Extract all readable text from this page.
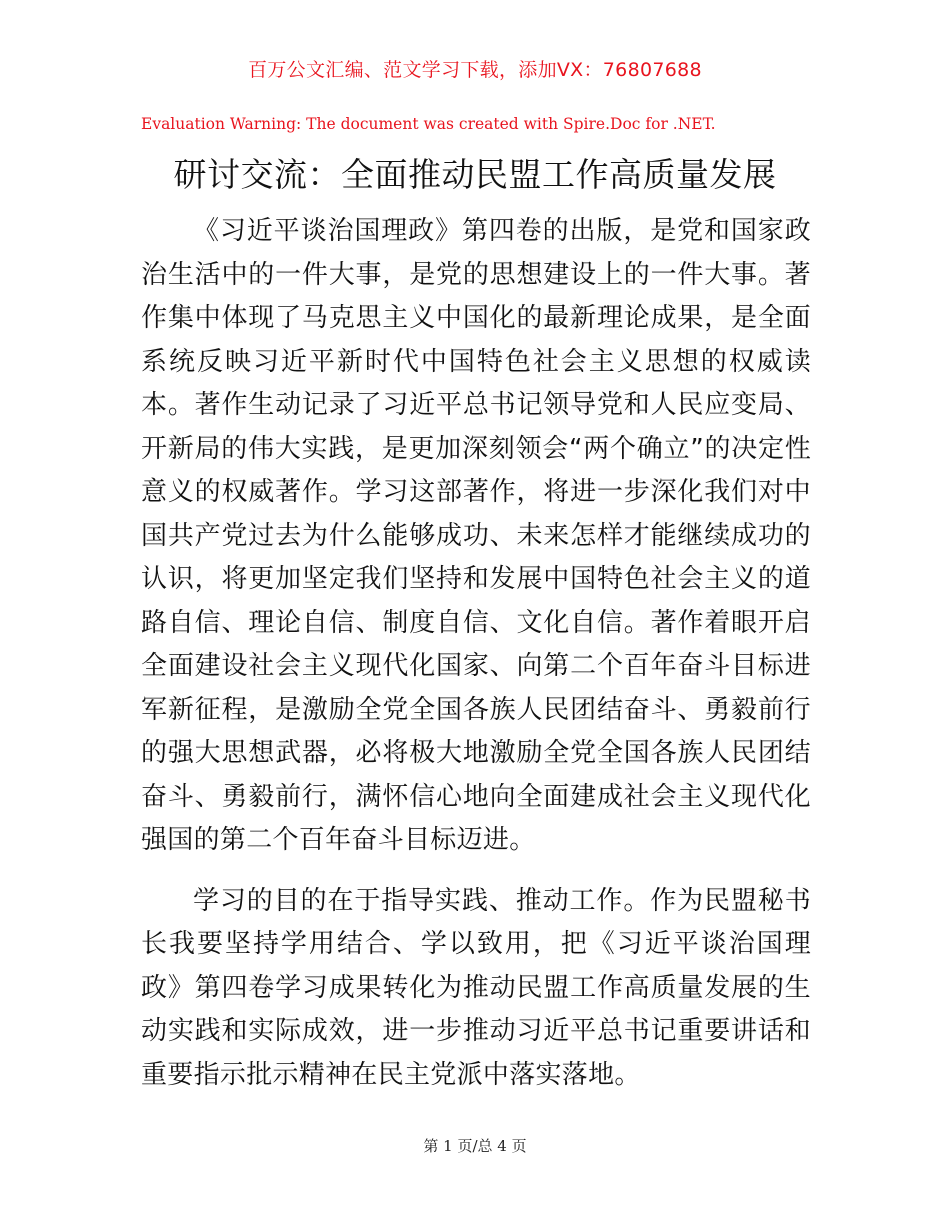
百万公文汇编、范文学习下载，添加VX：76807688
Evaluation Warning: The document was created with Spire.Doc for .NET.
研讨交流：全面推动民盟工作高质量发展

《习近平谈治国理政》第四卷的出版，是党和国家政治生活中的一件大事，是党的思想建设上的一件大事。著作集中体现了马克思主义中国化的最新理论成果，是全面系统反映习近平新时代中国特色社会主义思想的权威读本。著作生动记录了习近平总书记领导党和人民应变局、开新局的伟大实践，是更加深刻领会“两个确立”的决定性意义的权威著作。学习这部著作，将进一步深化我们对中国共产党过去为什么能够成功、未来怎样才能继续成功的认识，将更加坚定我们坚持和发展中国特色社会主义的道路自信、理论自信、制度自信、文化自信。著作着眼开启全面建设社会主义现代化国家、向第二个百年奋斗目标进军新征程，是激励全党全国各族人民团结奋斗、勇毅前行的强大思想武器，必将极大地激励全党全国各族人民团结奋斗、勇毅前行，满怀信心地向全面建成社会主义现代化强国的第二个百年奋斗目标迈进。

学习的目的在于指导实践、推动工作。作为民盟秘书长我要坚持学用结合、学以致用，把《习近平谈治国理政》第四卷学习成果转化为推动民盟工作高质量发展的生动实践和实际成效，进一步推动习近平总书记重要讲话和重要指示批示精神在民主党派中落实落地。

第 1 页/总 4 页
